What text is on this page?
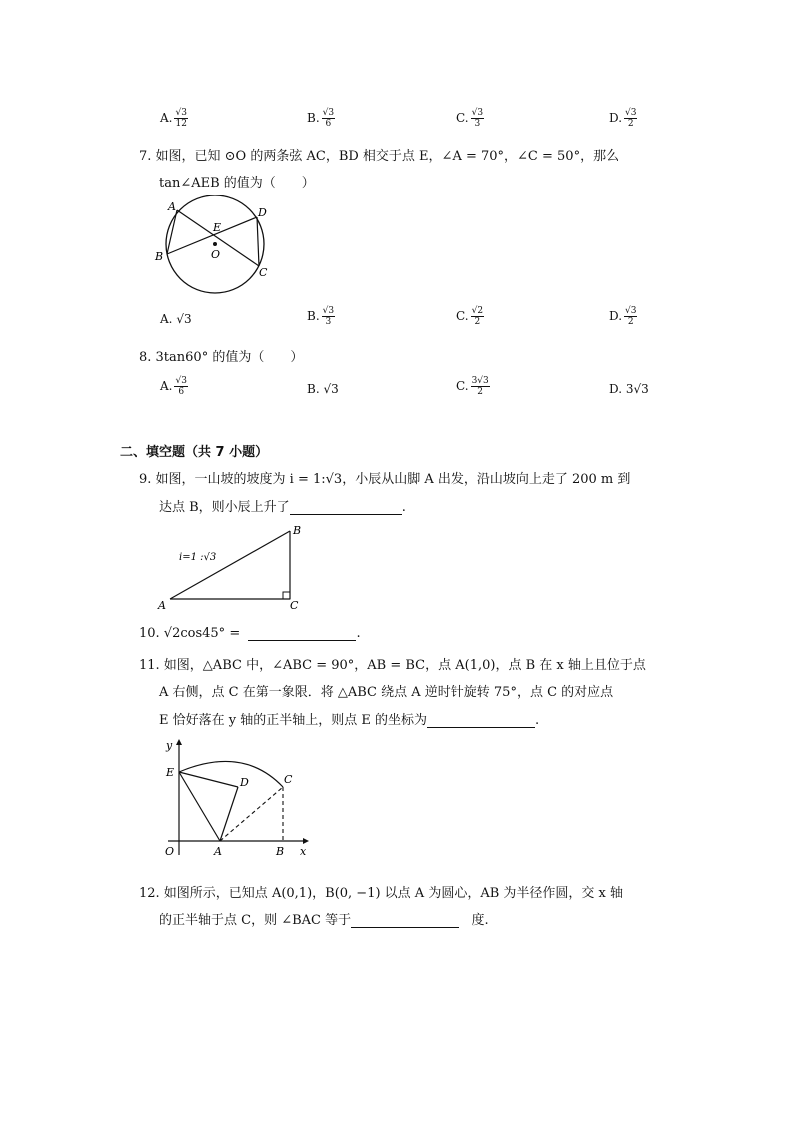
A. $\frac{√3}{12}$	B. $\frac{√3}{6}$	C. $\frac{√3}{3}$	D. $\frac{√3}{2}$
7. 如图，已知 ⊙O 的两条弦 AC，BD 相交于点 E，∠A = 70°，∠C = 50°，那么
tan∠AEB 的值为（　　）
A	D
E
O
B
C
A. √3	B. $\frac{√3}{3}$	C. $\frac{√2}{2}$	D. $\frac{√3}{2}$
8. 3tan60° 的值为（　　）
A. $\frac{√3}{6}$	B. √3	C. $\frac{3√3}{2}$	D. 3√3
二、填空题（共 7 小题）
9. 如图，一山坡的坡度为 i = 1:√3，小辰从山脚 A 出发，沿山坡向上走了 200 m 到
达点 B，则小辰上升了	.
A
B
C
i=1 :√3
10. √2cos45° =	.
11. 如图，△ABC 中，∠ABC = 90°，AB = BC，点 A(1,0)，点 B 在 x 轴上且位于点
A 右侧，点 C 在第一象限．将 △ABC 绕点 A 逆时针旋转 75°，点 C 的对应点
E 恰好落在 y 轴的正半轴上，则点 E 的坐标为	.
y
E
D	C
O	A	B x
12. 如图所示，已知点 A(0,1)，B(0, −1) 以点 A 为圆心，AB 为半径作圆，交 x 轴
的正半轴于点 C，则 ∠BAC 等于	度.
